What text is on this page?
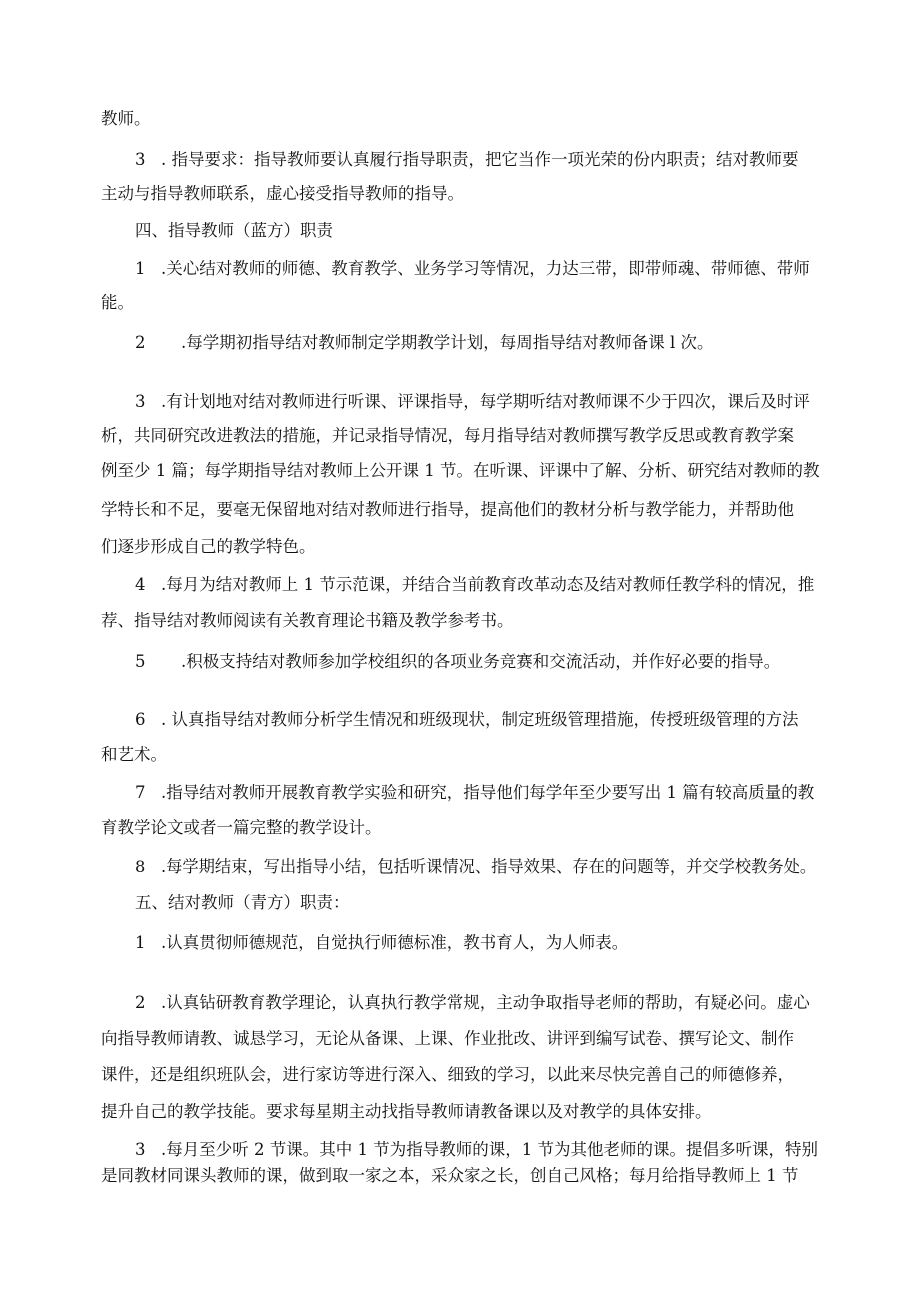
教师。
3 . 指导要求：指导教师要认真履行指导职责，把它当作一项光荣的份内职责；结对教师要
主动与指导教师联系，虚心接受指导教师的指导。
四、指导教师（蓝方）职责
1 .关心结对教师的师德、教育教学、业务学习等情况，力达三带，即带师魂、带师德、带师
能。
2 .每学期初指导结对教师制定学期教学计划，每周指导结对教师备课 l 次。
3 .有计划地对结对教师进行听课、评课指导，每学期听结对教师课不少于四次，课后及时评
析，共同研究改进教法的措施，并记录指导情况，每月指导结对教师撰写教学反思或教育教学案
例至少 1 篇；每学期指导结对教师上公开课 1 节。在听课、评课中了解、分析、研究结对教师的教
学特长和不足，要毫无保留地对结对教师进行指导，提高他们的教材分析与教学能力，并帮助他
们逐步形成自己的教学特色。
4 .每月为结对教师上 1 节示范课，并结合当前教育改革动态及结对教师任教学科的情况，推
荐、指导结对教师阅读有关教育理论书籍及教学参考书。
5 .积极支持结对教师参加学校组织的各项业务竞赛和交流活动，并作好必要的指导。
6 . 认真指导结对教师分析学生情况和班级现状，制定班级管理措施，传授班级管理的方法
和艺术。
7 .指导结对教师开展教育教学实验和研究，指导他们每学年至少要写出 1 篇有较高质量的教
育教学论文或者一篇完整的教学设计。
8 .每学期结束，写出指导小结，包括听课情况、指导效果、存在的问题等，并交学校教务处。
五、结对教师（青方）职责：
1 .认真贯彻师德规范，自觉执行师德标准，教书育人，为人师表。
2 .认真钻研教育教学理论，认真执行教学常规，主动争取指导老师的帮助，有疑必问。虚心
向指导教师请教、诚恳学习，无论从备课、上课、作业批改、讲评到编写试卷、撰写论文、制作
课件，还是组织班队会，进行家访等进行深入、细致的学习，以此来尽快完善自己的师德修养，
提升自己的教学技能。要求每星期主动找指导教师请教备课以及对教学的具体安排。
3 .每月至少听 2 节课。其中 1 节为指导教师的课，1 节为其他老师的课。提倡多听课，特别
是同教材同课头教师的课，做到取一家之本，采众家之长，创自己风格；每月给指导教师上 1 节
